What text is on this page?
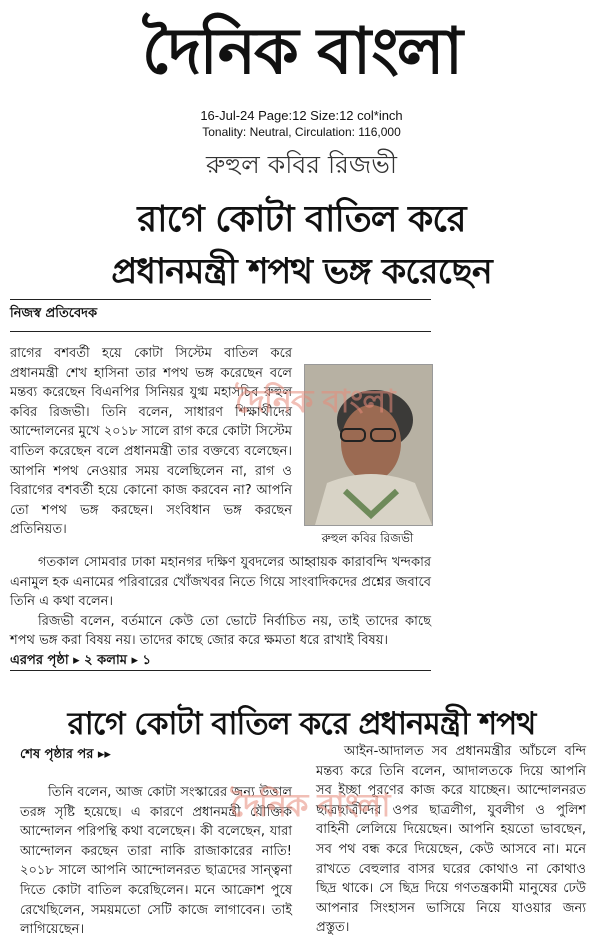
দৈনিক বাংলা
16-Jul-24 Page:12 Size:12 col*inch
Tonality: Neutral, Circulation: 116,000
রুহুল কবির রিজভী
রাগে কোটা বাতিল করে
প্রধানমন্ত্রী শপথ ভঙ্গ করেছেন
নিজস্ব প্রতিবেদক

রাগের বশবর্তী হয়ে কোটা সিস্টেম বাতিল করে প্রধানমন্ত্রী শেখ হাসিনা তার শপথ ভঙ্গ করেছেন বলে মন্তব্য করেছেন বিএনপির সিনিয়র যুগ্ম মহাসচিব রুহুল কবির রিজভী। তিনি বলেন, সাধারণ শিক্ষার্থীদের আন্দোলনের মুখে ২০১৮ সালে রাগ করে কোটা সিস্টেম বাতিল করেছেন বলে প্রধানমন্ত্রী তার বক্তব্যে বলেছেন। আপনি শপথ নেওয়ার সময় বলেছিলেন না, রাগ ও বিরাগের বশবর্তী হয়ে কোনো কাজ করবেন না? আপনি তো শপথ ভঙ্গ করছেন। সংবিধান ভঙ্গ করছেন প্রতিনিয়ত।

রুহুল কবির রিজভী
দৈনিক বাংলা

গতকাল সোমবার ঢাকা মহানগর দক্ষিণ যুবদলের আহ্বায়ক কারাবন্দি খন্দকার এনামুল হক এনামের পরিবারের খোঁজখবর নিতে গিয়ে সাংবাদিকদের প্রশ্নের জবাবে তিনি এ কথা বলেন।

রিজভী বলেন, বর্তমানে কেউ তো ভোটে নির্বাচিত নয়, তাই তাদের কাছে শপথ ভঙ্গ করা বিষয় নয়। তাদের কাছে জোর করে ক্ষমতা ধরে রাখাই বিষয়।

এরপর পৃষ্ঠা ▸ ২ কলাম ▸ ১
রাগে কোটা বাতিল করে প্রধানমন্ত্রী শপথ
শেষ পৃষ্ঠার পর ▸▸

তিনি বলেন, আজ কোটা সংস্কারের জন্য উত্তাল তরঙ্গ সৃষ্টি হয়েছে। এ কারণে প্রধানমন্ত্রী যৌক্তিক আন্দোলন পরিপন্থি কথা বলেছেন। কী বলেছেন, যারা আন্দোলন করছেন তারা নাকি রাজাকারের নাতি! ২০১৮ সালে আপনি আন্দোলনরত ছাত্রদের সান্ত্বনা দিতে কোটা বাতিল করেছিলেন। মনে আক্রোশ পুষে রেখেছিলেন, সময়মতো সেটি কাজে লাগাবেন। তাই লাগিয়েছেন।

আইন-আদালত সব প্রধানমন্ত্রীর আঁচলে বন্দি মন্তব্য করে তিনি বলেন, আদালতকে দিয়ে আপনি সব ইচ্ছা পূরণের কাজ করে যাচ্ছেন। আন্দোলনরত ছাত্রছাত্রীদের ওপর ছাত্রলীগ, যুবলীগ ও পুলিশ বাহিনী লেলিয়ে দিয়েছেন। আপনি হয়তো ভাবছেন, সব পথ বন্ধ করে দিয়েছেন, কেউ আসবে না। মনে রাখতে বেহুলার বাসর ঘরের কোথাও না কোথাও ছিদ্র থাকে। সে ছিদ্র দিয়ে গণতন্ত্রকামী মানুষের ঢেউ আপনার সিংহাসন ভাসিয়ে নিয়ে যাওয়ার জন্য প্রস্তুত।

দৈনিক বাংলা
